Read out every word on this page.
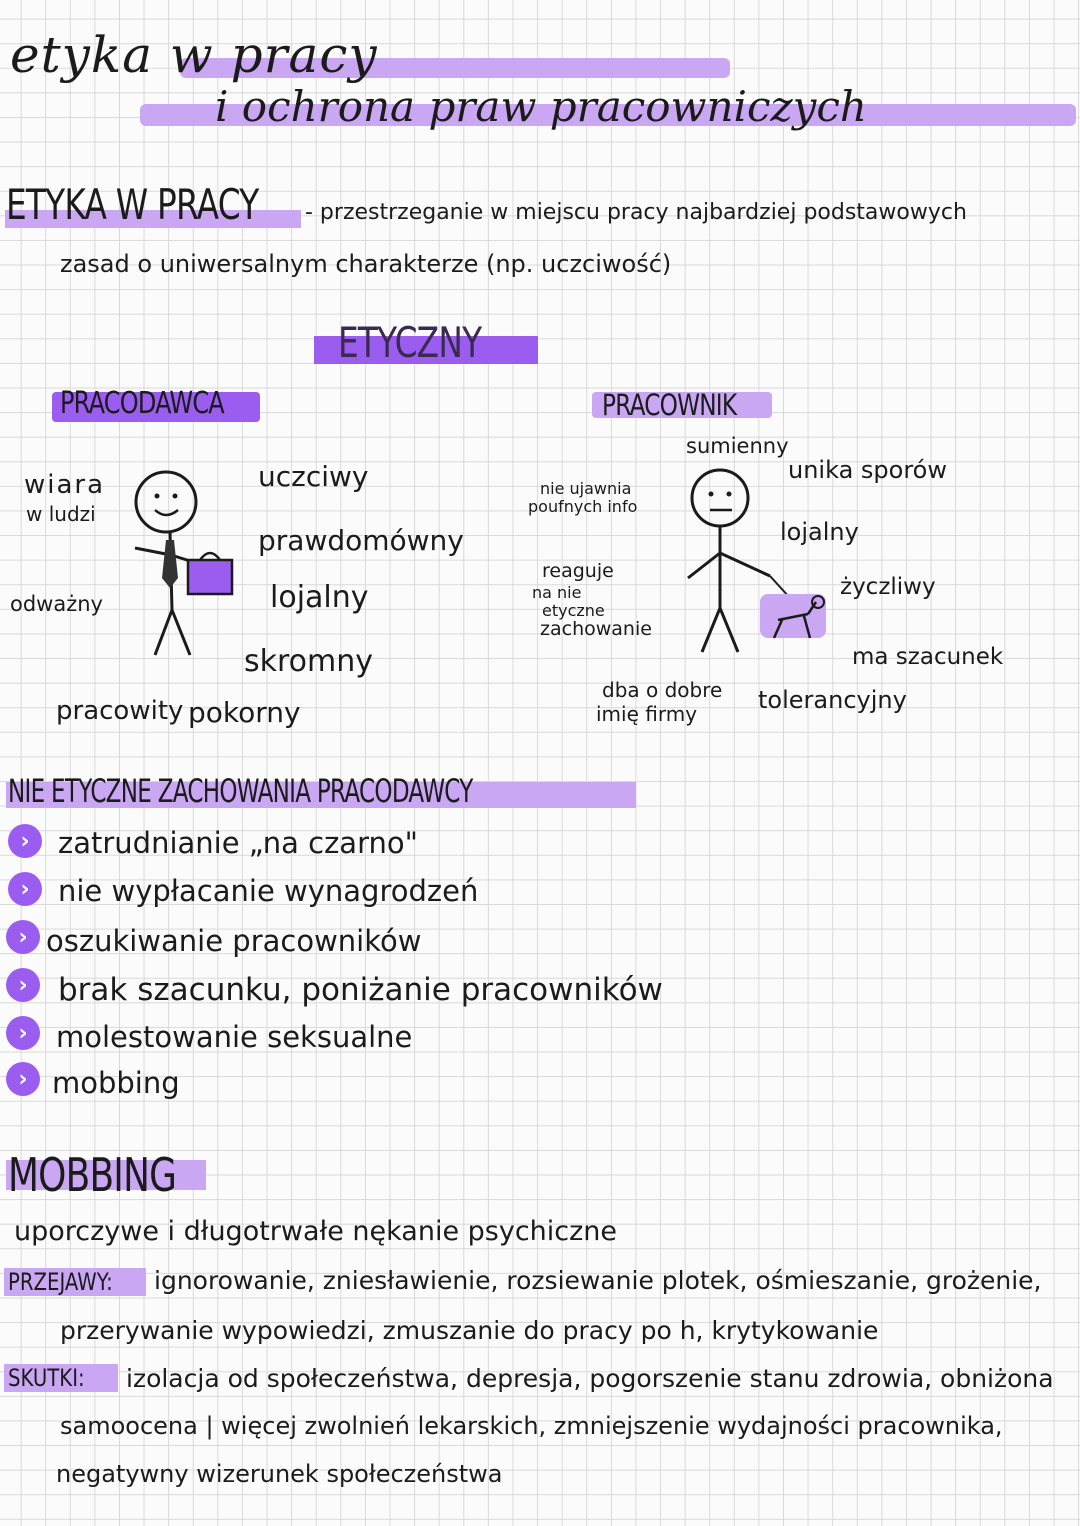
etyka w pracy
i ochrona praw pracowniczych
ETYKA W PRACY - przestrzeganie w miejscu pracy najbardziej podstawowych
zasad o uniwersalnym charakterze (np. uczciwość)
ETYCZNY
PRACODAWCA
wiara
w ludzi
odważny
uczciwy
prawdomówny
lojalny
skromny
pracowity pokorny
PRACOWNIK
sumienny
nie ujawnia
poufnych info
reaguje
na nie
etyczne
zachowanie
unika sporów
lojalny
życzliwy
ma szacunek
dba o dobre
imię firmy	tolerancyjny
NIE ETYCZNE ZACHOWANIA PRACODAWCY
› zatrudnianie „na czarno"
› nie wypłacanie wynagrodzeń
› oszukiwanie pracowników
› brak szacunku, poniżanie pracowników
› molestowanie seksualne
› mobbing
MOBBING
uporczywe i długotrwałe nękanie psychiczne
PRZEJAWY: ignorowanie, zniesławienie, rozsiewanie plotek, ośmieszanie, grożenie,
przerywanie wypowiedzi, zmuszanie do pracy po h, krytykowanie
SKUTKI: izolacja od społeczeństwa, depresja, pogorszenie stanu zdrowia, obniżona
samoocena | więcej zwolnień lekarskich, zmniejszenie wydajności pracownika,
negatywny wizerunek społeczeństwa
